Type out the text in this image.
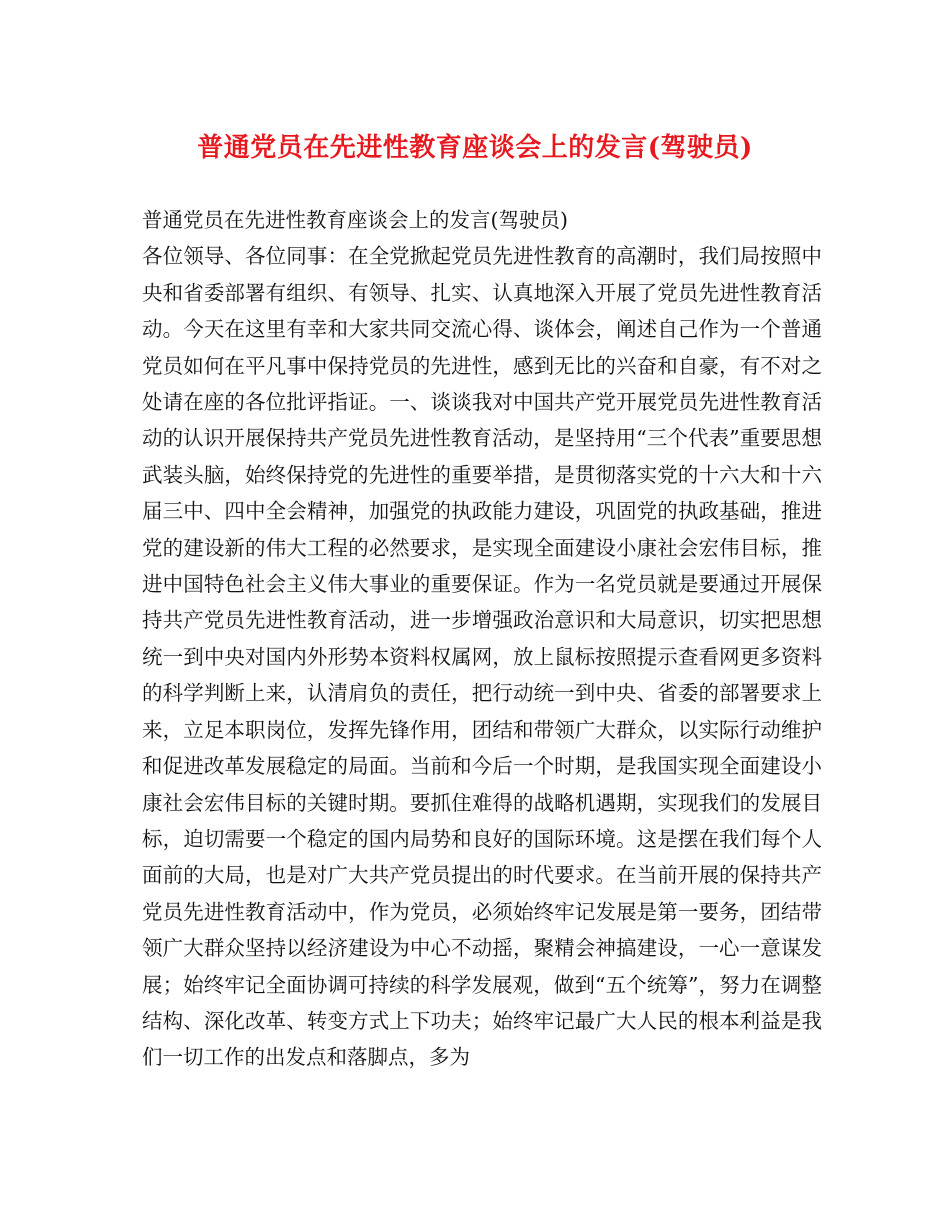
普通党员在先进性教育座谈会上的发言(驾驶员)
普通党员在先进性教育座谈会上的发言(驾驶员)
各位领导、各位同事：在全党掀起党员先进性教育的高潮时，我们局按照中央和省委部署有组织、有领导、扎实、认真地深入开展了党员先进性教育活动。今天在这里有幸和大家共同交流心得、谈体会，阐述自己作为一个普通党员如何在平凡事中保持党员的先进性，感到无比的兴奋和自豪，有不对之处请在座的各位批评指证。一、谈谈我对中国共产党开展党员先进性教育活动的认识开展保持共产党员先进性教育活动，是坚持用“三个代表”重要思想武装头脑，始终保持党的先进性的重要举措，是贯彻落实党的十六大和十六届三中、四中全会精神，加强党的执政能力建设，巩固党的执政基础，推进党的建设新的伟大工程的必然要求，是实现全面建设小康社会宏伟目标，推进中国特色社会主义伟大事业的重要保证。作为一名党员就是要通过开展保持共产党员先进性教育活动，进一步增强政治意识和大局意识，切实把思想统一到中央对国内外形势本资料权属网，放上鼠标按照提示查看网更多资料的科学判断上来，认清肩负的责任，把行动统一到中央、省委的部署要求上来，立足本职岗位，发挥先锋作用，团结和带领广大群众，以实际行动维护和促进改革发展稳定的局面。当前和今后一个时期，是我国实现全面建设小康社会宏伟目标的关键时期。要抓住难得的战略机遇期，实现我们的发展目标，迫切需要一个稳定的国内局势和良好的国际环境。这是摆在我们每个人面前的大局，也是对广大共产党员提出的时代要求。在当前开展的保持共产党员先进性教育活动中，作为党员，必须始终牢记发展是第一要务，团结带领广大群众坚持以经济建设为中心不动摇，聚精会神搞建设，一心一意谋发展；始终牢记全面协调可持续的科学发展观，做到“五个统筹”，努力在调整结构、深化改革、转变方式上下功夫；始终牢记最广大人民的根本利益是我们一切工作的出发点和落脚点，多为
